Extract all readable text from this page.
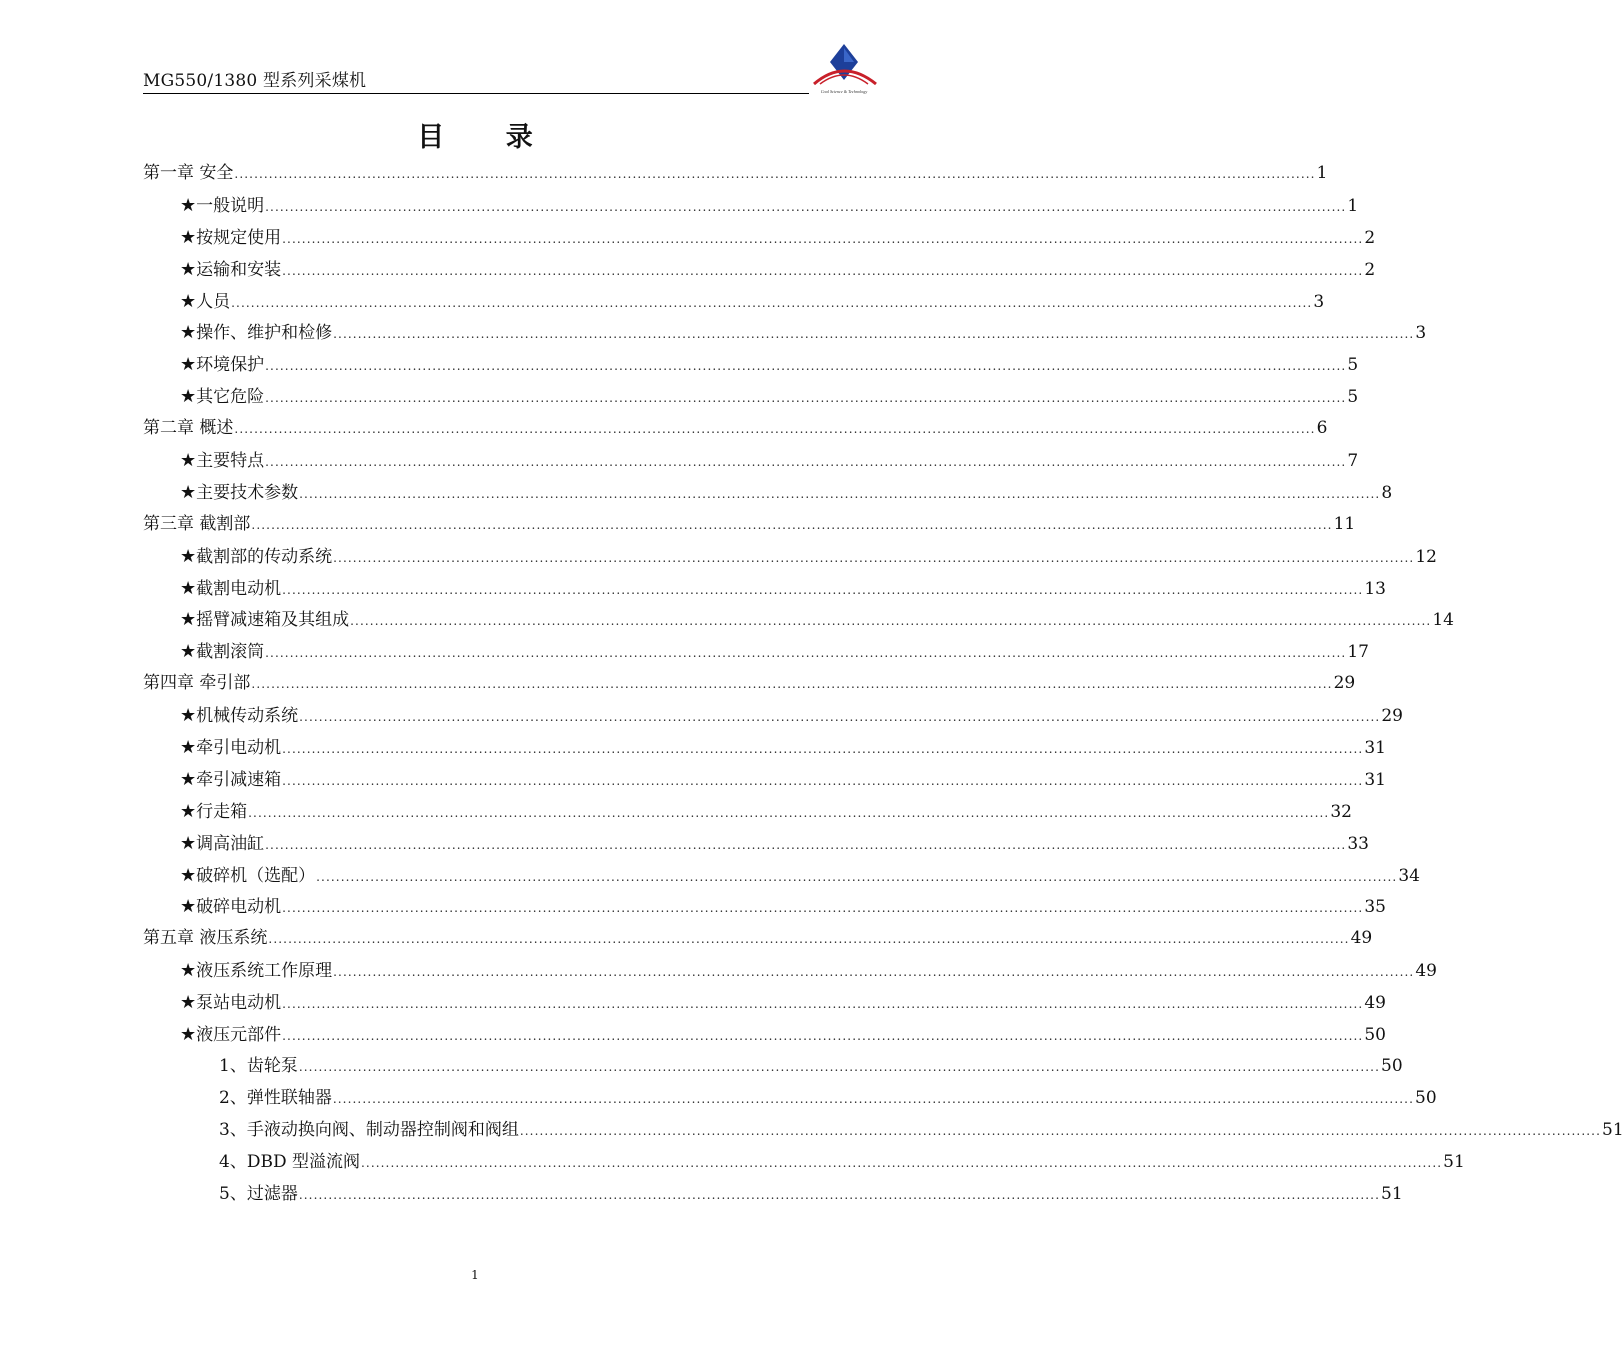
MG550/1380 型系列采煤机
Coal Science & Technology
目 录
第一章 安全 ............................................................................................................................................................................................................................ 1
★ 一般说明 ............................................................................................................................................................................................................................ 1
★ 按规定使用 ............................................................................................................................................................................................................................ 2
★ 运输和安装 ............................................................................................................................................................................................................................ 2
★ 人员 ............................................................................................................................................................................................................................ 3
★ 操作、维护和检修 ............................................................................................................................................................................................................................ 3
★ 环境保护 ............................................................................................................................................................................................................................ 5
★ 其它危险 ............................................................................................................................................................................................................................ 5
第二章 概述 ............................................................................................................................................................................................................................ 6
★ 主要特点 ............................................................................................................................................................................................................................ 7
★ 主要技术参数 ............................................................................................................................................................................................................................ 8
第三章 截割部 ............................................................................................................................................................................................................................ 11
★ 截割部的传动系统 ............................................................................................................................................................................................................................ 12
★ 截割电动机 ............................................................................................................................................................................................................................ 13
★ 摇臂减速箱及其组成 ............................................................................................................................................................................................................................ 14
★ 截割滚筒 ............................................................................................................................................................................................................................ 17
第四章 牵引部 ............................................................................................................................................................................................................................ 29
★ 机械传动系统 ............................................................................................................................................................................................................................ 29
★ 牵引电动机 ............................................................................................................................................................................................................................ 31
★ 牵引减速箱 ............................................................................................................................................................................................................................ 31
★ 行走箱 ............................................................................................................................................................................................................................ 32
★ 调高油缸 ............................................................................................................................................................................................................................ 33
★ 破碎机（选配） ............................................................................................................................................................................................................................ 34
★ 破碎电动机 ............................................................................................................................................................................................................................ 35
第五章 液压系统 ............................................................................................................................................................................................................................ 49
★ 液压系统工作原理 ............................................................................................................................................................................................................................ 49
★ 泵站电动机 ............................................................................................................................................................................................................................ 49
★ 液压元部件 ............................................................................................................................................................................................................................ 50
1、齿轮泵 ............................................................................................................................................................................................................................ 50
2、弹性联轴器 ............................................................................................................................................................................................................................ 50
3、手液动换向阀、制动器控制阀和阀组 ............................................................................................................................................................................................................................ 51
4、DBD 型溢流阀 ............................................................................................................................................................................................................................ 51
5、过滤器 ............................................................................................................................................................................................................................ 51
1
